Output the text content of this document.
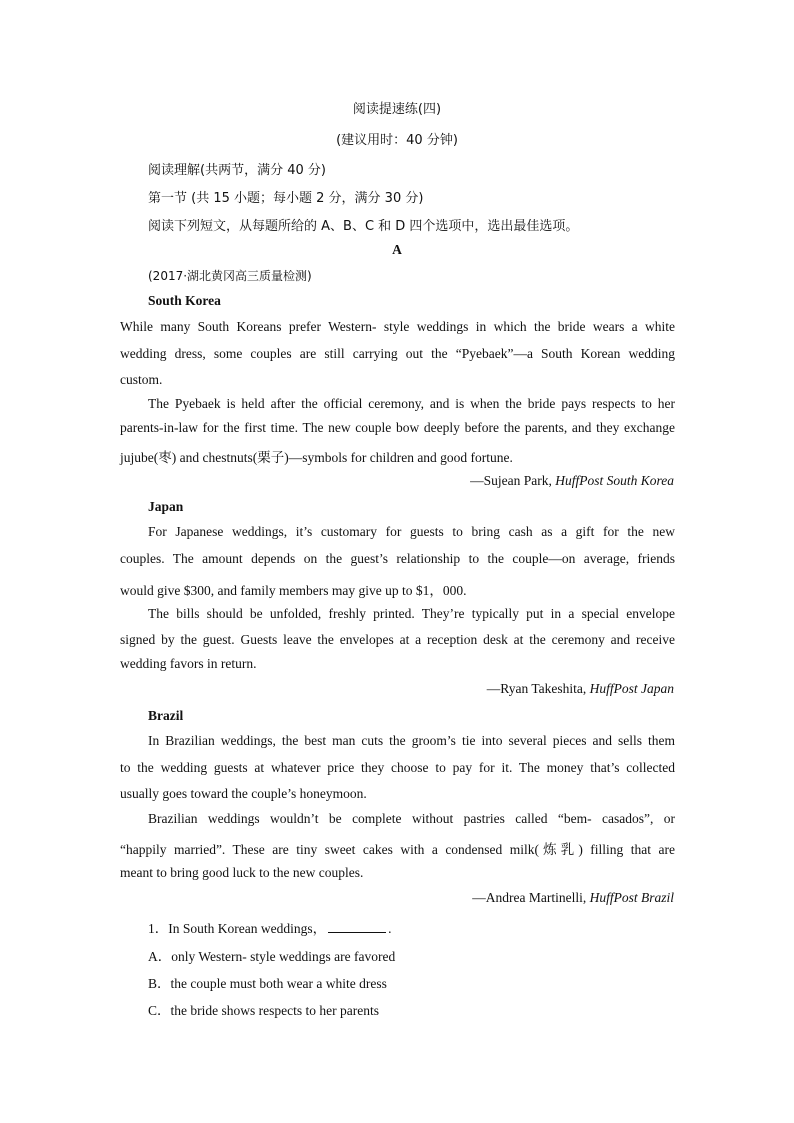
阅读提速练(四)
(建议用时：40 分钟)
阅读理解(共两节，满分 40 分)
第一节 (共 15 小题；每小题 2 分，满分 30 分)
阅读下列短文，从每题所给的 A、B、C 和 D 四个选项中，选出最佳选项。
A
(2017·湖北黄冈高三质量检测)
South Korea
While many South Koreans prefer Western- style weddings in which the bride wears a white
wedding dress, some couples are still carrying out the “Pyebaek”—a South Korean wedding
custom.
The Pyebaek is held after the official ceremony, and is when the bride pays respects to her
parents-in-law for the first time. The new couple bow deeply before the parents, and they exchange
jujube(枣) and chestnuts(栗子)—symbols for children and good fortune.
—Sujean Park, HuffPost South Korea
Japan
For Japanese weddings, it’s customary for guests to bring cash as a gift for the new
couples. The amount depends on the guest’s relationship to the couple—on average, friends
would give $300, and family members may give up to $1，000.
The bills should be unfolded, freshly printed. They’re typically put in a special envelope
signed by the guest. Guests leave the envelopes at a reception desk at the ceremony and receive
wedding favors in return.
—Ryan Takeshita, HuffPost Japan
Brazil
In Brazilian weddings, the best man cuts the groom’s tie into several pieces and sells them
to the wedding guests at whatever price they choose to pay for it. The money that’s collected
usually goes toward the couple’s honeymoon.
Brazilian weddings wouldn’t be complete without pastries called “bem- casados”, or
“happily married”. These are tiny sweet cakes with a condensed milk(炼乳) filling that are
meant to bring good luck to the new couples.
—Andrea Martinelli, HuffPost Brazil
1．In South Korean weddings，	.
A．only Western- style weddings are favored
B．the couple must both wear a white dress
C．the bride shows respects to her parents
